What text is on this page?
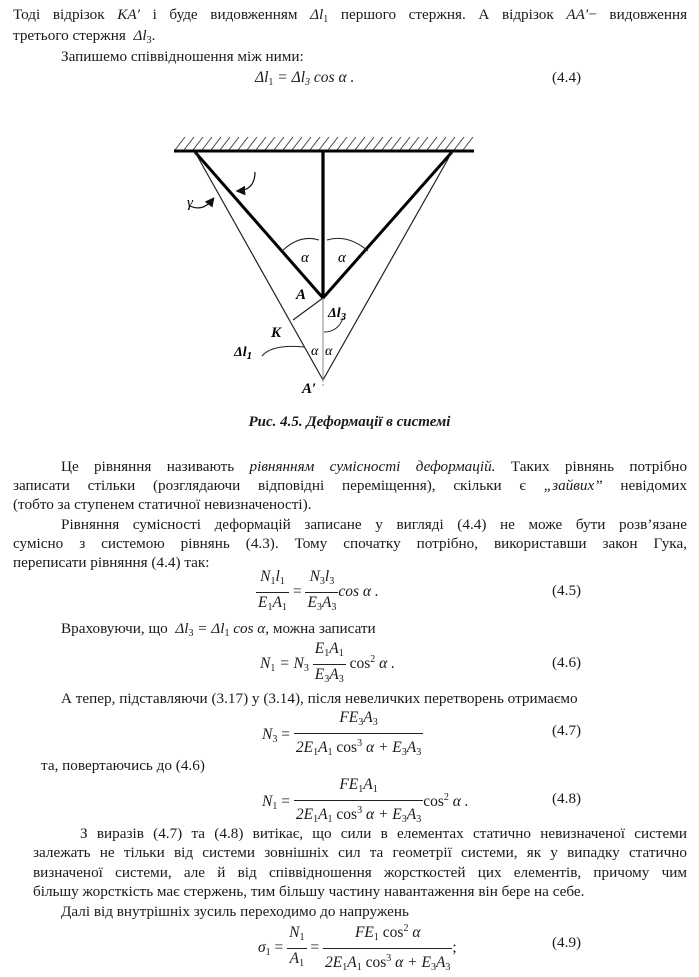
Тоді відрізок KA′ і буде видовженням $\Delta l_1$ першого стержня. А відрізок AA′− видовження
третього стержня $\Delta l_3$.
Запишемо співвідношення між ними:
$\Delta l_1 = \Delta l_3$ cos α .	(4.4)
γ
α α
A
K
$\Delta l_3$
$\Delta l_1$	α α
A′
Рис. 4.5. Деформації в системі
Це рівняння називають рівнянням сумісності деформацій. Таких рівнянь потрібно
записати стільки (розглядаючи відповідні переміщення), скільки є „зайвих” невідомих
(тобто за ступенем статичної невизначеності).
Рівняння сумісності деформацій записане у вигляді (4.4) не може бути розв’язане
сумісно з системою рівнянь (4.3). Тому спочатку потрібно, використавши закон Гука,
переписати рівняння (4.4) так:
$\frac{N_1l_1}{E_1A_1} = \frac{N_3l_3}{E_3A_3}$ cos α .	(4.5)
Враховуючи, що $\Delta l_3 = \Delta l_1$ cos α, можна записати
$N_1 = N_3 \frac{E_1A_1}{E_3A_3} \cos^2 \alpha$ .	(4.6)
А тепер, підставляючи (3.17) у (3.14), після невеличких перетворень отримаємо
$N_3 = \frac{FE_3A_3}{2E_1A_1 \cos^3 \alpha + E_3A_3}$	(4.7)
та, повертаючись до (4.6)
$N_1 = \frac{FE_1A_1}{2E_1A_1 \cos^3 \alpha + E_3A_3} \cos^2 \alpha$ .	(4.8)
З виразів (4.7) та (4.8) витікає, що сили в елементах статично невизначеної системи
залежать не тільки від системи зовнішніх сил та геометрії системи, як у випадку статично
визначеної системи, але й від співвідношення жорсткостей цих елементів, причому чим
більшу жорсткість має стержень, тим більшу частину навантаження він бере на себе.
Далі від внутрішніх зусиль переходимо до напружень
$\sigma_1 = \frac{N_1}{A_1} = \frac{FE_1 \cos^2 \alpha}{2E_1A_1 \cos^3 \alpha + E_3A_3}$ ;	(4.9)
